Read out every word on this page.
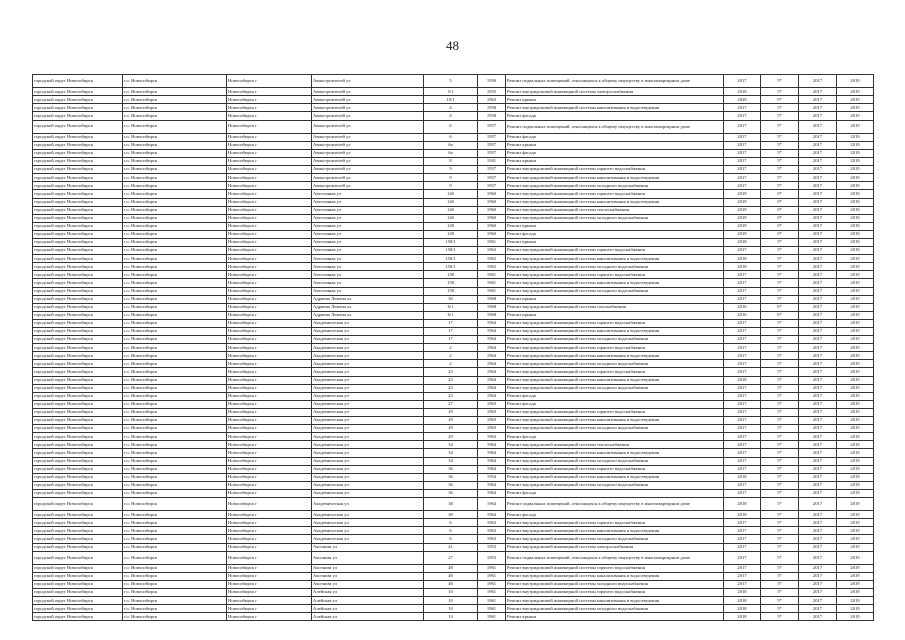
48
городской округ Новосибирск	г.о. Новосибирск	Новосибирск г	Авиастроителей ул	5	1956	Ремонт подвальных помещений, относящихся к общему имуществу в многоквартирном доме	2017	5*	2017	2019
городской округ Новосибирск	г.о. Новосибирск	Новосибирск г	Авиастроителей ул	5/1	1955	Ремонт внутридомовой инженерной системы электроснабжения	2018	5*	2017	2019
городской округ Новосибирск	г.о. Новосибирск	Новосибирск г	Авиастроителей ул	10/1	1963	Ремонт крыши	2020	0*	2017	2019
городской округ Новосибирск	г.о. Новосибирск	Новосибирск г	Авиастроителей ул	4	1958	Ремонт внутридомовой инженерной системы канализования и водоотведения	2017	5*	2017	2019
городской округ Новосибирск	г.о. Новосибирск	Новосибирск г	Авиастроителей ул	4	1958	Ремонт фасада	2017	5*	2017	2019
городской округ Новосибирск	г.о. Новосибирск	Новосибирск г	Авиастроителей ул	6	1957	Ремонт подвальных помещений, относящихся к общему имуществу в многоквартирном доме	2017	5*	2017	2019
городской округ Новосибирск	г.о. Новосибирск	Новосибирск г	Авиастроителей ул	6	1957	Ремонт фасада	2017	5*	2017	2019
городской округ Новосибирск	г.о. Новосибирск	Новосибирск г	Авиастроителей ул	6a	1957	Ремонт крыши	2017	5*	2017	2019
городской округ Новосибирск	г.о. Новосибирск	Новосибирск г	Авиастроителей ул	6a	1957	Ремонт фасада	2017	5*	2017	2019
городской округ Новосибирск	г.о. Новосибирск	Новосибирск г	Авиастроителей ул	8	1941	Ремонт крыши	2017	5*	2017	2019
городской округ Новосибирск	г.о. Новосибирск	Новосибирск г	Авиастроителей ул	9	1957	Ремонт внутридомовой инженерной системы горячего водоснабжения	2017	5*	2017	2019
городской округ Новосибирск	г.о. Новосибирск	Новосибирск г	Авиастроителей ул	9	1957	Ремонт внутридомовой инженерной системы канализования и водоотведения	2017	5*	2017	2019
городской округ Новосибирск	г.о. Новосибирск	Новосибирск г	Авиастроителей ул	9	1957	Ремонт внутридомовой инженерной системы холодного водоснабжения	2017	5*	2017	2019
городской округ Новосибирск	г.о. Новосибирск	Новосибирск г	Автогенная ул	146	1960	Ремонт внутридомовой инженерной системы горячего водоснабжения	2019	0*	2017	2019
городской округ Новосибирск	г.о. Новосибирск	Новосибирск г	Автогенная ул	146	1960	Ремонт внутридомовой инженерной системы канализования и водоотведения	2019	0*	2017	2019
городской округ Новосибирск	г.о. Новосибирск	Новосибирск г	Автогенная ул	146	1960	Ремонт внутридомовой инженерной системы теплоснабжения	2019	0*	2017	2019
городской округ Новосибирск	г.о. Новосибирск	Новосибирск г	Автогенная ул	146	1960	Ремонт внутридомовой инженерной системы холодного водоснабжения	2019	0*	2017	2019
городской округ Новосибирск	г.о. Новосибирск	Новосибирск г	Автогенная ул	148	1960	Ремонт крыши	2019	0*	2017	2019
городской округ Новосибирск	г.о. Новосибирск	Новосибирск г	Автогенная ул	148	1960	Ремонт фасада	2019	0*	2017	2019
городской округ Новосибирск	г.о. Новосибирск	Новосибирск г	Автогенная ул	150/1	1961	Ремонт крыши	2018	5*	2017	2019
городской округ Новосибирск	г.о. Новосибирск	Новосибирск г	Автогенная ул	150/1	1962	Ремонт внутридомовой инженерной системы горячего водоснабжения	2017	5*	2017	2019
городской округ Новосибирск	г.о. Новосибирск	Новосибирск г	Автогенная ул	150/1	1962	Ремонт внутридомовой инженерной системы канализования и водоотведения	2018	5*	2017	2019
городской округ Новосибирск	г.о. Новосибирск	Новосибирск г	Автогенная ул	150/1	1962	Ремонт внутридомовой инженерной системы холодного водоснабжения	2018	5*	2017	2019
городской округ Новосибирск	г.о. Новосибирск	Новосибирск г	Автогенная ул	138	1961	Ремонт внутридомовой инженерной системы горячего водоснабжения	2017	5*	2017	2019
городской округ Новосибирск	г.о. Новосибирск	Новосибирск г	Автогенная ул	158	1961	Ремонт внутридомовой инженерной системы канализования и водоотведения	2017	5*	2017	2019
городской округ Новосибирск	г.о. Новосибирск	Новосибирск г	Автогенная ул	158	1961	Ремонт внутридомовой инженерной системы холодного водоснабжения	2017	5*	2017	2019
городской округ Новосибирск	г.о. Новосибирск	Новосибирск г	Адриена Лежена ул	30	1968	Ремонт крыши	2017	5*	2017	2019
городской округ Новосибирск	г.о. Новосибирск	Новосибирск г	Адриена Лежена ул	6/1	1968	Ремонт внутридомовой инженерной системы газоснабжения	2016	6*	2017	2019
городской округ Новосибирск	г.о. Новосибирск	Новосибирск г	Адриена Лежена ул	6/1	1968	Ремонт крыши	2016	6*	2017	2019
городской округ Новосибирск	г.о. Новосибирск	Новосибирск г	Академическая ул	17	1964	Ремонт внутридомовой инженерной системы горячего водоснабжения	2017	5*	2017	2019
городской округ Новосибирск	г.о. Новосибирск	Новосибирск г	Академическая ул	17	1964	Ремонт внутридомовой инженерной системы канализования и водоотведения	2017	5*	2017	2019
городской округ Новосибирск	г.о. Новосибирск	Новосибирск г	Академическая ул	17	1964	Ремонт внутридомовой инженерной системы холодного водоснабжения	2017	5*	2017	2019
городской округ Новосибирск	г.о. Новосибирск	Новосибирск г	Академическая ул	2	1964	Ремонт внутридомовой инженерной системы горячего водоснабжения	2017	5*	2017	2019
городской округ Новосибирск	г.о. Новосибирск	Новосибирск г	Академическая ул	2	1964	Ремонт внутридомовой инженерной системы канализования и водоотведения	2017	5*	2017	2019
городской округ Новосибирск	г.о. Новосибирск	Новосибирск г	Академическая ул	2	1964	Ремонт внутридомовой инженерной системы холодного водоснабжения	2017	5*	2017	2019
городской округ Новосибирск	г.о. Новосибирск	Новосибирск г	Академическая ул	23	1964	Ремонт внутридомовой инженерной системы горячего водоснабжения	2017	5*	2017	2019
городской округ Новосибирск	г.о. Новосибирск	Новосибирск г	Академическая ул	23	1964	Ремонт внутридомовой инженерной системы канализования и водоотведения	2018	5*	2017	2019
городской округ Новосибирск	г.о. Новосибирск	Новосибирск г	Академическая ул	23	1964	Ремонт внутридомовой инженерной системы холодного водоснабжения	2017	5*	2017	2019
городской округ Новосибирск	г.о. Новосибирск	Новосибирск г	Академическая ул	23	1964	Ремонт фасада	2017	5*	2017	2019
городской округ Новосибирск	г.о. Новосибирск	Новосибирск г	Академическая ул	27	1963	Ремонт фасада	2017	5*	2017	2019
городской округ Новосибирск	г.о. Новосибирск	Новосибирск г	Академическая ул	29	1963	Ремонт внутридомовой инженерной системы горячего водоснабжения	2017	5*	2017	2019
городской округ Новосибирск	г.о. Новосибирск	Новосибирск г	Академическая ул	29	1963	Ремонт внутридомовой инженерной системы канализования и водоотведения	2017	5*	2017	2019
городской округ Новосибирск	г.о. Новосибирск	Новосибирск г	Академическая ул	29	1963	Ремонт внутридомовой инженерной системы холодного водоснабжения	2017	5*	2017	2019
городской округ Новосибирск	г.о. Новосибирск	Новосибирск г	Академическая ул	29	1963	Ремонт фасада	2017	5*	2017	2019
городской округ Новосибирск	г.о. Новосибирск	Новосибирск г	Академическая ул	34	1964	Ремонт внутридомовой инженерной системы теплоснабжения	2017	5*	2017	2019
городской округ Новосибирск	г.о. Новосибирск	Новосибирск г	Академическая ул	34	1964	Ремонт внутридомовой инженерной системы канализования и водоотведения	2017	5*	2017	2019
городской округ Новосибирск	г.о. Новосибирск	Новосибирск г	Академическая ул	34	1964	Ремонт внутридомовой инженерной системы холодного водоснабжения	2017	5*	2017	2019
городской округ Новосибирск	г.о. Новосибирск	Новосибирск г	Академическая ул	36	1964	Ремонт внутридомовой инженерной системы горячего водоснабжения	2017	5*	2017	2019
городской округ Новосибирск	г.о. Новосибирск	Новосибирск г	Академическая ул	36	1954	Ремонт внутридомовой инженерной системы канализования и водоотведения	2018	5*	2017	2019
городской округ Новосибирск	г.о. Новосибирск	Новосибирск г	Академическая ул	36	1964	Ремонт внутридомовой инженерной системы холодного водоснабжения	2017	5*	2017	2019
городской округ Новосибирск	г.о. Новосибирск	Новосибирск г	Академическая ул	36	1964	Ремонт фасада	2017	5*	2017	2019
городской округ Новосибирск	г.о. Новосибирск	Новосибирск г	Академическая ул	38	1964	Ремонт подвальных помещений, относящихся к общему имуществу в многоквартирном доме	2018	5*	2017	2019
городской округ Новосибирск	г.о. Новосибирск	Новосибирск г	Академическая ул	38	1964	Ремонт фасада	2018	5*	2017	2019
городской округ Новосибирск	г.о. Новосибирск	Новосибирск г	Академическая ул	6	1963	Ремонт внутридомовой инженерной системы горячего водоснабжения	2017	5*	2017	2019
городской округ Новосибирск	г.о. Новосибирск	Новосибирск г	Академическая ул	6	1963	Ремонт внутридомовой инженерной системы канализования и водоотведения	2017	5*	2017	2019
городской округ Новосибирск	г.о. Новосибирск	Новосибирск г	Академическая ул	6	1963	Ремонт внутридомовой инженерной системы холодного водоснабжения	2017	5*	2017	2019
городской округ Новосибирск	г.о. Новосибирск	Новосибирск г	Аксенова ул	21	1953	Ремонт внутридомовой инженерной системы электроснабжения	2017	5*	2017	2019
городской округ Новосибирск	г.о. Новосибирск	Новосибирск г	Аксенова ул	27	1953	Ремонт подвальных помещений, относящихся к общему имуществу в многоквартирном доме	2017	5*	2017	2019
городской округ Новосибирск	г.о. Новосибирск	Новосибирск г	Аксенова ул	48	1961	Ремонт внутридомовой инженерной системы горячего водоснабжения	2017	5*	2017	2019
городской округ Новосибирск	г.о. Новосибирск	Новосибирск г	Аксенова ул	48	1961	Ремонт внутридомовой инженерной системы канализования и водоотведения	2017	5*	2017	2019
городской округ Новосибирск	г.о. Новосибирск	Новосибирск г	Аксенова ул	48	1961	Ремонт внутридомовой инженерной системы холодного водоснабжения	2017	5*	2017	2019
городской округ Новосибирск	г.о. Новосибирск	Новосибирск г	Алейская ул	10	1961	Ремонт внутридомовой инженерной системы горячего водоснабжения	2018	5*	2017	2019
городской округ Новосибирск	г.о. Новосибирск	Новосибирск г	Алейская ул	10	1961	Ремонт внутридомовой инженерной системы канализования и водоотведения	2018	5*	2017	2019
городской округ Новосибирск	г.о. Новосибирск	Новосибирск г	Алейская ул	10	1961	Ремонт внутридомовой инженерной системы холодного водоснабжения	2018	5*	2017	2019
городской округ Новосибирск	г.о. Новосибирск	Новосибирск г	Алейская ул	14	1961	Ремонт крыши	2018	5*	2017	2019
